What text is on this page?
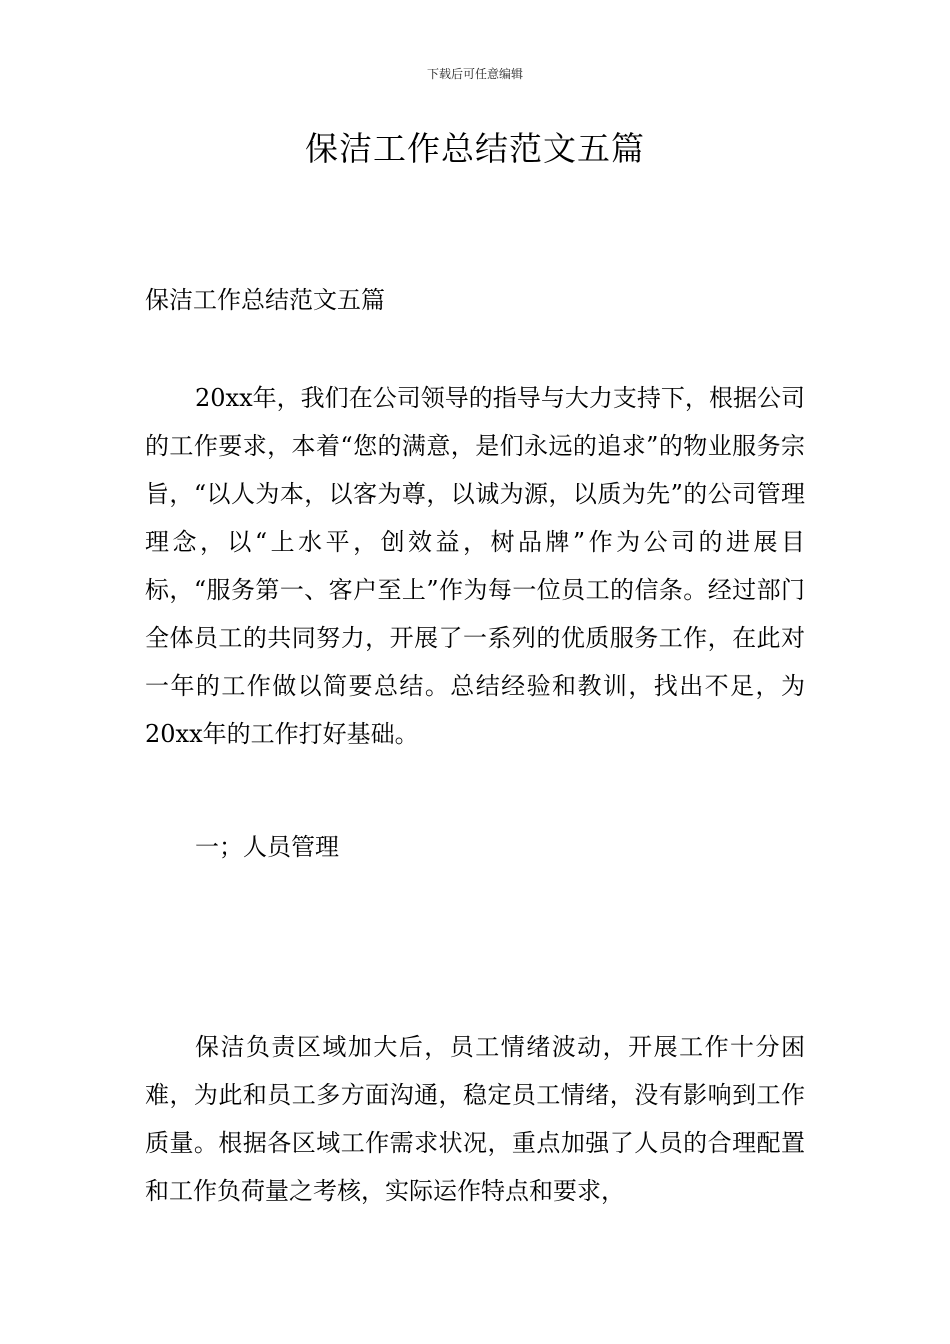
下载后可任意编辑
保洁工作总结范文五篇

保洁工作总结范文五篇

20xx年，我们在公司领导的指导与大力支持下，根据公司的工作要求，本着“您的满意，是们永远的追求”的物业服务宗旨，“以人为本，以客为尊，以诚为源，以质为先”的公司管理理念，以“上水平，创效益，树品牌”作为公司的进展目标，“服务第一、客户至上”作为每一位员工的信条。经过部门全体员工的共同努力，开展了一系列的优质服务工作，在此对一年的工作做以简要总结。总结经验和教训，找出不足，为20xx年的工作打好基础。

一；人员管理

保洁负责区域加大后，员工情绪波动，开展工作十分困难，为此和员工多方面沟通，稳定员工情绪，没有影响到工作质量。根据各区域工作需求状况，重点加强了人员的合理配置和工作负荷量之考核，实际运作特点和要求，
